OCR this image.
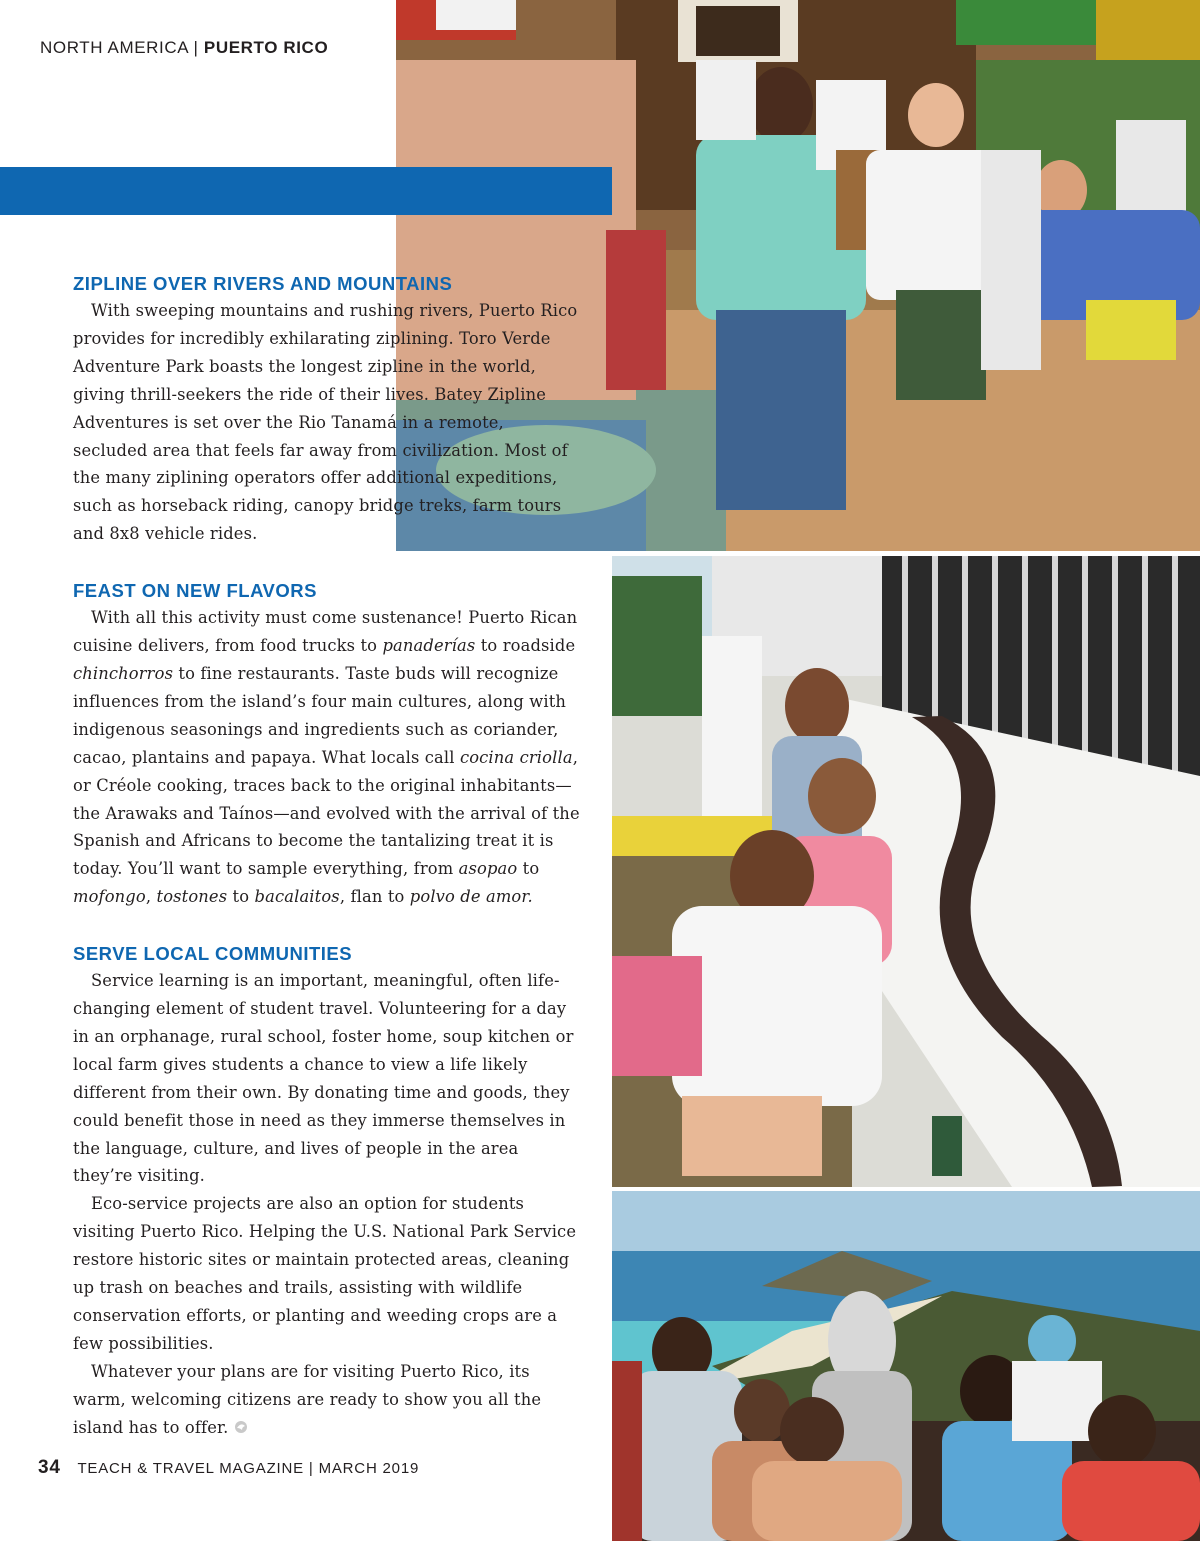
NORTH AMERICA | PUERTO RICO
ZIPLINE OVER RIVERS AND MOUNTAINS

With sweeping mountains and rushing rivers, Puerto Rico provides for incredibly exhilarating ziplining. Toro Verde Adventure Park boasts the longest zipline in the world, giving thrill-seekers the ride of their lives. Batey Zipline Adventures is set over the Rio Tanamá in a remote, secluded area that feels far away from civilization. Most of the many ziplining operators offer additional expeditions, such as horseback riding, canopy bridge treks, farm tours and 8x8 vehicle rides.

FEAST ON NEW FLAVORS

With all this activity must come sustenance! Puerto Rican cuisine delivers, from food trucks to panaderías to roadside chinchorros to fine restaurants. Taste buds will recognize influences from the island’s four main cultures, along with indigenous seasonings and ingredients such as coriander, cacao, plantains and papaya. What locals call cocina criolla, or Créole cooking, traces back to the original inhabitants—the Arawaks and Taínos—and evolved with the arrival of the Spanish and Africans to become the tantalizing treat it is today. You’ll want to sample everything, from asopao to mofongo, tostones to bacalaitos, flan to polvo de amor.

SERVE LOCAL COMMUNITIES

Service learning is an important, meaningful, often life-changing element of student travel. Volunteering for a day in an orphanage, rural school, foster home, soup kitchen or local farm gives students a chance to view a life likely different from their own. By donating time and goods, they could benefit those in need as they immerse themselves in the language, culture, and lives of people in the area they’re visiting.

Eco-service projects are also an option for students visiting Puerto Rico. Helping the U.S. National Park Service restore historic sites or maintain protected areas, cleaning up trash on beaches and trails, assisting with wildlife conservation efforts, or planting and weeding crops are a few possibilities.

Whatever your plans are for visiting Puerto Rico, its warm, welcoming citizens are ready to show you all the island has to offer.

34 TEACH & TRAVEL MAGAZINE | MARCH 2019
